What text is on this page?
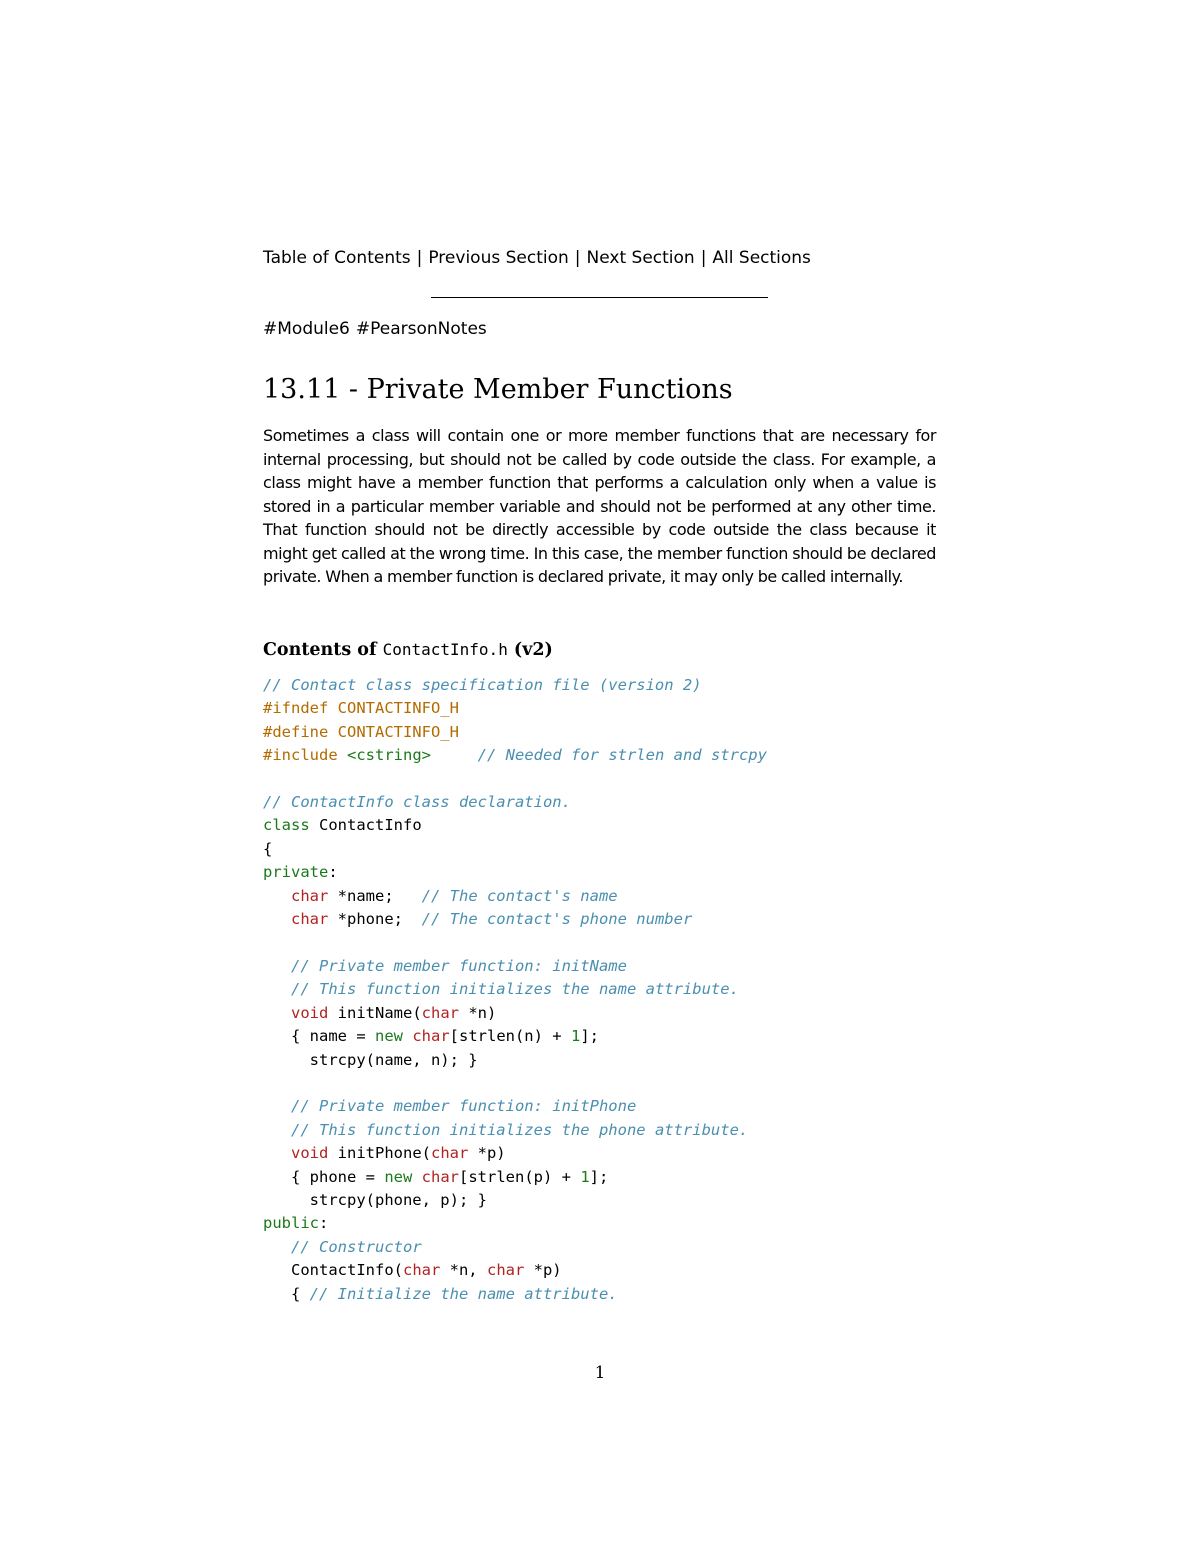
Table of Contents | Previous Section | Next Section | All Sections
#Module6 #PearsonNotes
13.11 - Private Member Functions

Sometimes a class will contain one or more member functions that are necessary for internal processing, but should not be called by code outside the class. For example, a class might have a member function that performs a calculation only when a value is stored in a particular member variable and should not be performed at any other time. That function should not be directly accessible by code outside the class because it might get called at the wrong time. In this case, the member function should be declared private. When a member function is declared private, it may only be called internally.

Contents of ContactInfo.h (v2)
// Contact class specification file (version 2)
#ifndef CONTACTINFO_H
#define CONTACTINFO_H
#include <cstring>	// Needed for strlen and strcpy

// ContactInfo class declaration.
class ContactInfo
{
private:
char *name;   // The contact's name
char *phone;  // The contact's phone number

// Private member function: initName
// This function initializes the name attribute.
void initName(char *n)
{ name = new char[strlen(n) + 1];
strcpy(name, n); }

// Private member function: initPhone
// This function initializes the phone attribute.
void initPhone(char *p)
{ phone = new char[strlen(p) + 1];
strcpy(phone, p); }
public:
// Constructor
ContactInfo(char *n, char *p)
{ // Initialize the name attribute.
1
